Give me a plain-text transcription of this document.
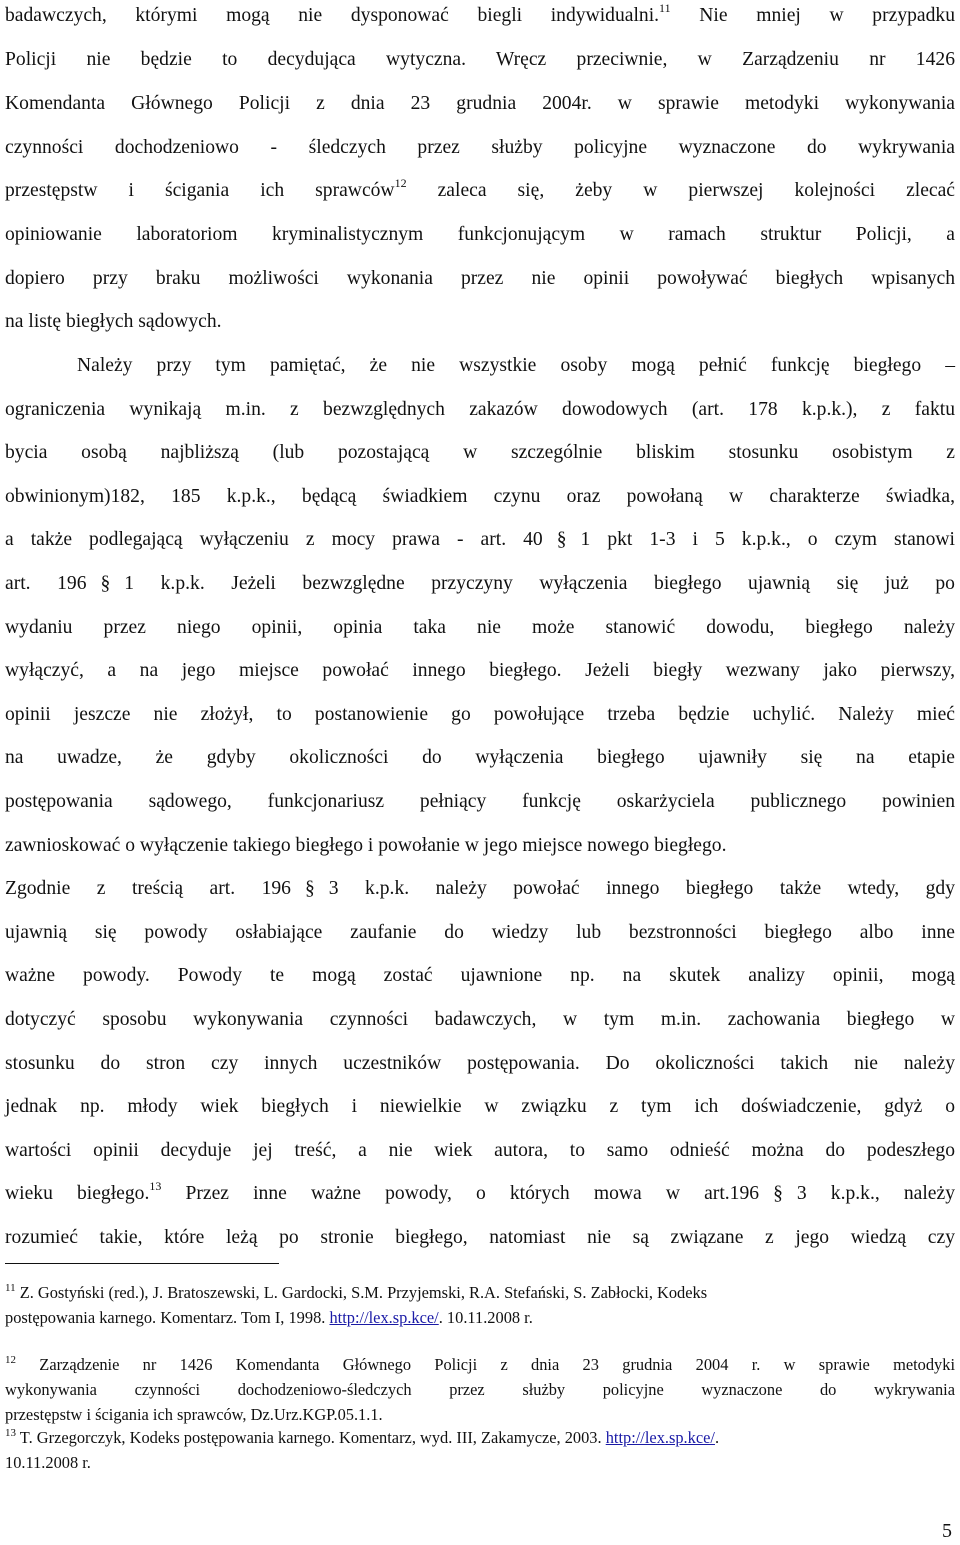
badawczych, którymi mogą nie dysponować biegli indywidualni.$^{11}$ Nie mniej w przypadku
Policji nie będzie to decydująca wytyczna. Wręcz przeciwnie, w Zarządzeniu nr 1426
Komendanta Głównego Policji z dnia 23 grudnia 2004r. w sprawie metodyki wykonywania
czynności dochodzeniowo - śledczych przez służby policyjne wyznaczone do wykrywania
przestępstw i ścigania ich sprawców$^{12}$ zaleca się, żeby w pierwszej kolejności zlecać
opiniowanie laboratoriom kryminalistycznym funkcjonującym w ramach struktur Policji, a
dopiero przy braku możliwości wykonania przez nie opinii powoływać biegłych wpisanych
na listę biegłych sądowych.
Należy przy tym pamiętać, że nie wszystkie osoby mogą pełnić funkcję biegłego –
ograniczenia wynikają m.in. z bezwzględnych zakazów dowodowych (art. 178 k.p.k.), z faktu
bycia osobą najbliższą (lub pozostającą w szczególnie bliskim stosunku osobistym z
obwinionym)182, 185 k.p.k., będącą świadkiem czynu oraz powołaną w charakterze świadka,
a także podlegającą wyłączeniu z mocy prawa - art. 40 § 1 pkt 1-3 i 5 k.p.k., o czym stanowi
art. 196 § 1 k.p.k. Jeżeli bezwzględne przyczyny wyłączenia biegłego ujawnią się już po
wydaniu przez niego opinii, opinia taka nie może stanowić dowodu, biegłego należy
wyłączyć, a na jego miejsce powołać innego biegłego. Jeżeli biegły wezwany jako pierwszy,
opinii jeszcze nie złożył, to postanowienie go powołujące trzeba będzie uchylić. Należy mieć
na uwadze, że gdyby okoliczności do wyłączenia biegłego ujawniły się na etapie
postępowania sądowego, funkcjonariusz pełniący funkcję oskarżyciela publicznego powinien
zawnioskować o wyłączenie takiego biegłego i powołanie w jego miejsce nowego biegłego.
Zgodnie z treścią art. 196 § 3 k.p.k. należy powołać innego biegłego także wtedy, gdy
ujawnią się powody osłabiające zaufanie do wiedzy lub bezstronności biegłego albo inne
ważne powody. Powody te mogą zostać ujawnione np. na skutek analizy opinii, mogą
dotyczyć sposobu wykonywania czynności badawczych, w tym m.in. zachowania biegłego w
stosunku do stron czy innych uczestników postępowania. Do okoliczności takich nie należy
jednak np. młody wiek biegłych i niewielkie w związku z tym ich doświadczenie, gdyż o
wartości opinii decyduje jej treść, a nie wiek autora, to samo odnieść można do podeszłego
wieku biegłego.$^{13}$ Przez inne ważne powody, o których mowa w art.196 § 3 k.p.k., należy
rozumieć takie, które leżą po stronie biegłego, natomiast nie są związane z jego wiedzą czy
$^{11}$ Z. Gostyński (red.), J. Bratoszewski, L. Gardocki, S.M. Przyjemski, R.A. Stefański, S. Zabłocki, Kodeks
postępowania karnego. Komentarz. Tom I, 1998. http://lex.sp.kce/. 10.11.2008 r.
$^{12}$ Zarządzenie nr 1426 Komendanta Głównego Policji z dnia 23 grudnia 2004 r. w sprawie metodyki
wykonywania czynności dochodzeniowo-śledczych przez służby policyjne wyznaczone do wykrywania
przestępstw i ścigania ich sprawców, Dz.Urz.KGP.05.1.1.
$^{13}$ T. Grzegorczyk, Kodeks postępowania karnego. Komentarz, wyd. III, Zakamycze, 2003. http://lex.sp.kce/.
10.11.2008 r.
5
